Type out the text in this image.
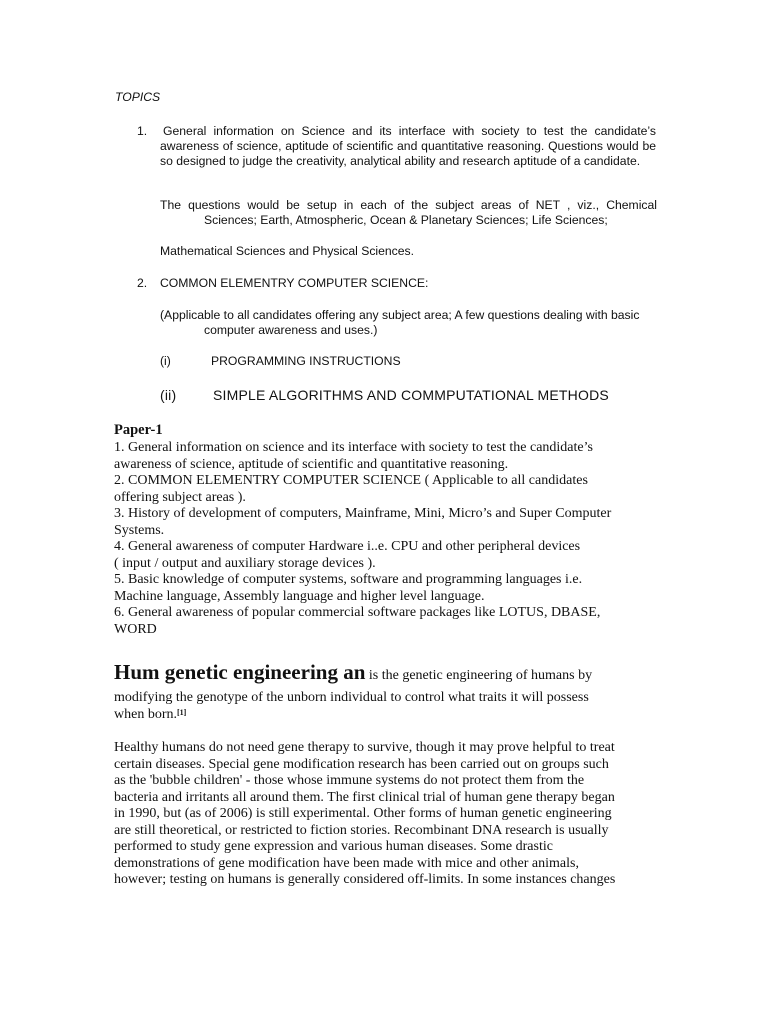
TOPICS
1. General information on Science and its interface with society to test the candidate’s awareness of science, aptitude of scientific and quantitative reasoning. Questions would be so designed to judge the creativity, analytical ability and research aptitude of a candidate.
The questions would be setup in each of the subject areas of NET , viz., Chemical
Sciences; Earth, Atmospheric, Ocean & Planetary Sciences; Life Sciences;
Mathematical Sciences and Physical Sciences.
2. COMMON ELEMENTRY COMPUTER SCIENCE:
(Applicable to all candidates offering any subject area; A few questions dealing with basic
computer awareness and uses.)
(i)	PROGRAMMING INSTRUCTIONS
(ii)	SIMPLE ALGORITHMS AND COMMPUTATIONAL METHODS
Paper-1
1. General information on science and its interface with society to test the candidate’s
awareness of science, aptitude of scientific and quantitative reasoning.
2. COMMON ELEMENTRY COMPUTER SCIENCE ( Applicable to all candidates
offering subject areas ).
3. History of development of computers, Mainframe, Mini, Micro’s and Super Computer
Systems.
4. General awareness of computer Hardware i..e. CPU and other peripheral devices
( input / output and auxiliary storage devices ).
5. Basic knowledge of computer systems, software and programming languages i.e.
Machine language, Assembly language and higher level language.
6. General awareness of popular commercial software packages like LOTUS, DBASE,
WORD
Hum genetic engineering an is the genetic engineering of humans by
modifying the genotype of the unborn individual to control what traits it will possess
when born.[1]
Healthy humans do not need gene therapy to survive, though it may prove helpful to treat
certain diseases. Special gene modification research has been carried out on groups such
as the 'bubble children' - those whose immune systems do not protect them from the
bacteria and irritants all around them. The first clinical trial of human gene therapy began
in 1990, but (as of 2006) is still experimental. Other forms of human genetic engineering
are still theoretical, or restricted to fiction stories. Recombinant DNA research is usually
performed to study gene expression and various human diseases. Some drastic
demonstrations of gene modification have been made with mice and other animals,
however; testing on humans is generally considered off-limits. In some instances changes
